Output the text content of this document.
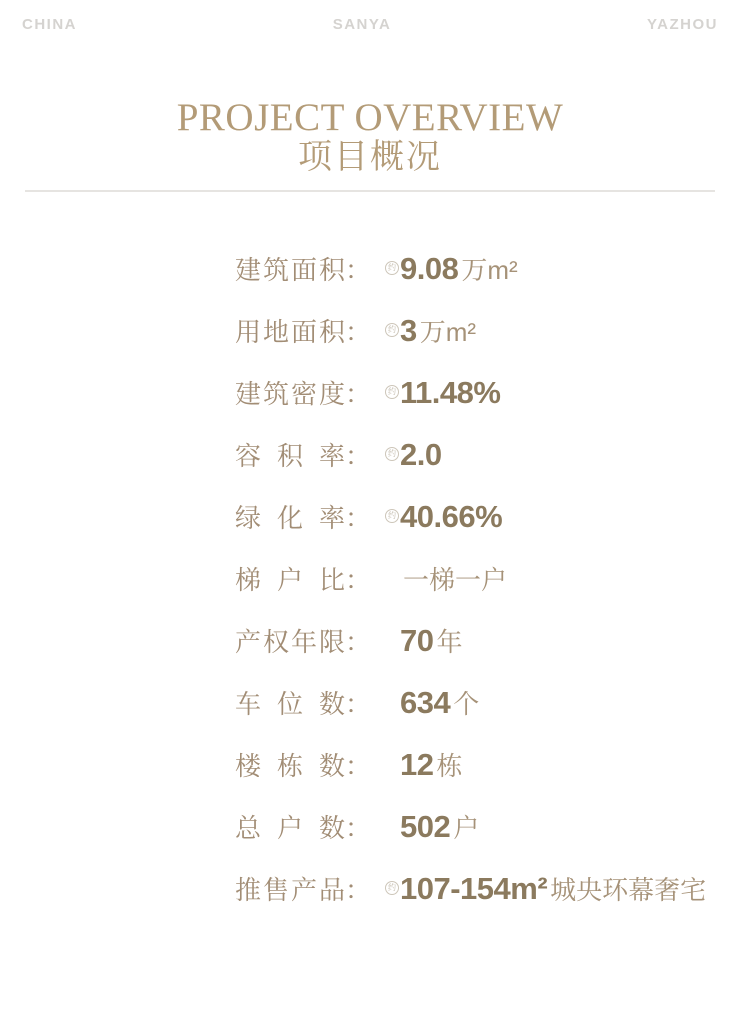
CHINA	SANYA	YAZHOU
PROJECT OVERVIEW
项目概况
建 筑 面 积 ：	约 9.08 万m²
用 地 面 积 ：	约 3 万m²
建 筑 密 度 ：	约 11.48%
容 积 率 ：	约 2.0
绿 化 率 ：	约 40.66%
梯 户 比 ： 一梯一户
产 权 年 限 ： 70 年
车 位 数 ： 634 个
楼 栋 数 ： 12 栋
总 户 数 ： 502 户
推 售 产 品 ：	约 107-154m² 城央环幕奢宅
